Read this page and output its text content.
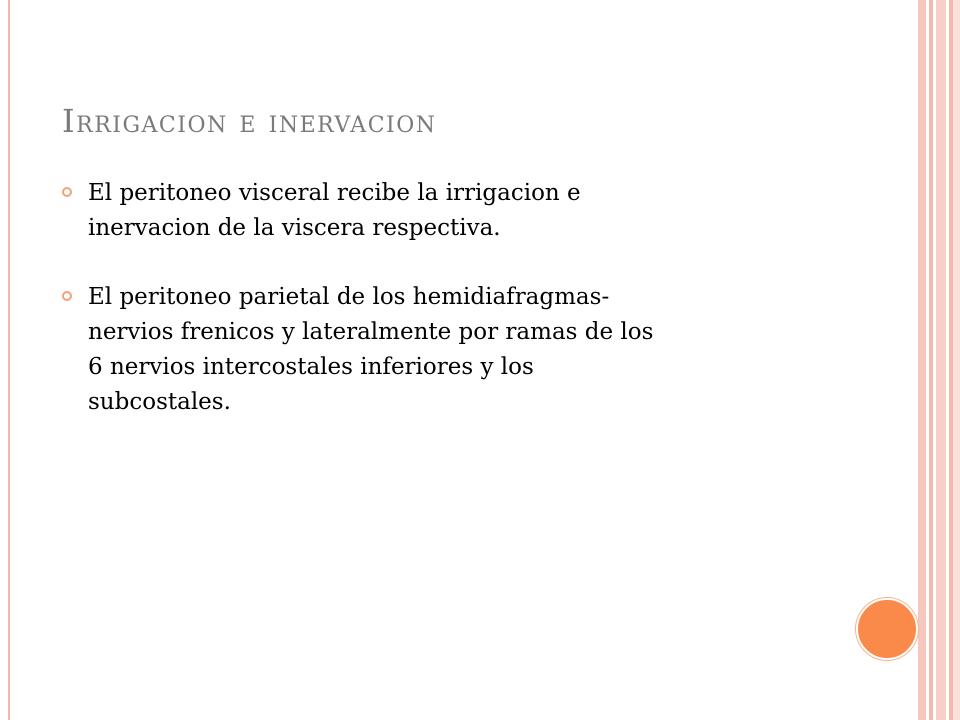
Irrigacion e inervacion
El peritoneo visceral recibe la irrigacion e
inervacion de la viscera respectiva.
El peritoneo parietal de los hemidiafragmas-
nervios frenicos y lateralmente por ramas de los
6 nervios intercostales inferiores y los
subcostales.
